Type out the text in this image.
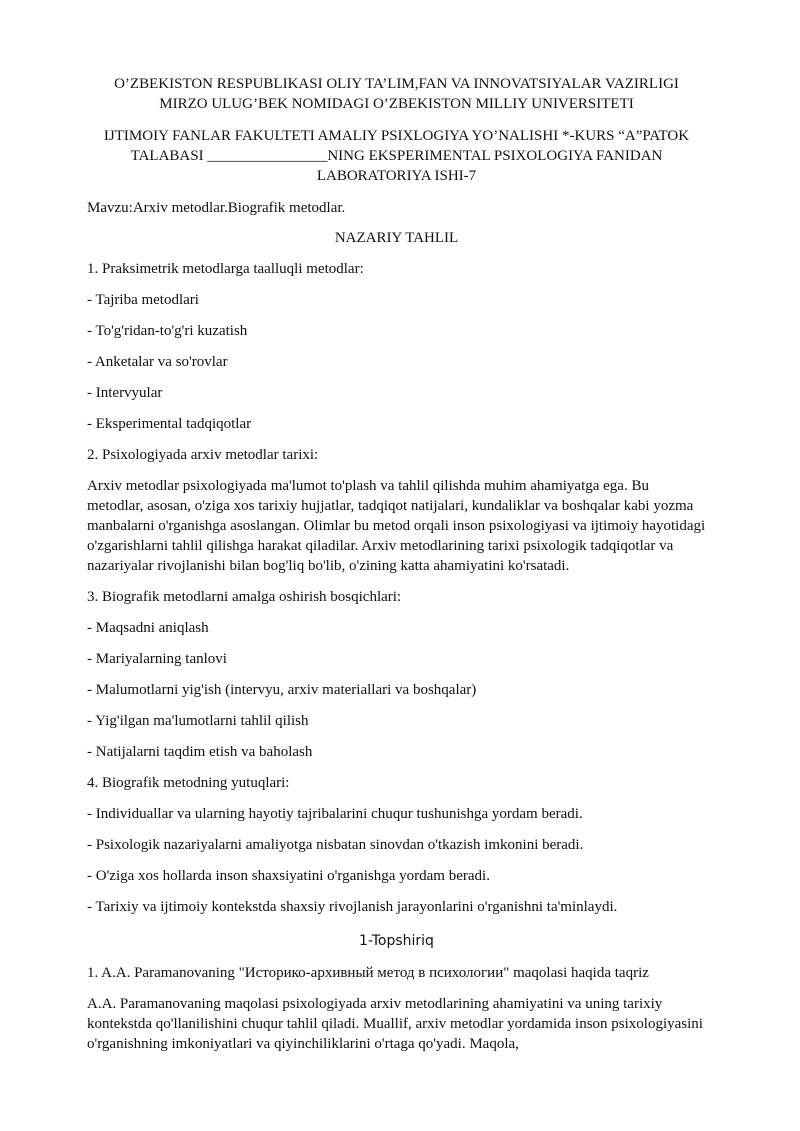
O’ZBEKISTON RESPUBLIKASI OLIY TA’LIM,FAN VA INNOVATSIYALAR VAZIRLIGI
MIRZO ULUG’BEK NOMIDAGI O’ZBEKISTON MILLIY UNIVERSITETI
IJTIMOIY FANLAR FAKULTETI AMALIY PSIXLOGIYA YO’NALISHI *-KURS “A”PATOK
TALABASI ________________NING EKSPERIMENTAL PSIXOLOGIYA FANIDAN
LABORATORIYA ISHI-7

Mavzu:Arxiv metodlar.Biografik metodlar.

NAZARIY TAHLIL

1. Praksimetrik metodlarga taalluqli metodlar:

- Tajriba metodlari

- To'g'ridan-to'g'ri kuzatish

- Anketalar va so'rovlar

- Intervyular

- Eksperimental tadqiqotlar

2. Psixologiyada arxiv metodlar tarixi:

Arxiv metodlar psixologiyada ma'lumot to'plash va tahlil qilishda muhim ahamiyatga ega. Bu metodlar, asosan, o'ziga xos tarixiy hujjatlar, tadqiqot natijalari, kundaliklar va boshqalar kabi yozma manbalarni o'rganishga asoslangan. Olimlar bu metod orqali inson psixologiyasi va ijtimoiy hayotidagi o'zgarishlarni tahlil qilishga harakat qiladilar. Arxiv metodlarining tarixi psixologik tadqiqotlar va nazariyalar rivojlanishi bilan bog'liq bo'lib, o'zining katta ahamiyatini ko'rsatadi.

3. Biografik metodlarni amalga oshirish bosqichlari:

- Maqsadni aniqlash

- Mariyalarning tanlovi

- Malumotlarni yig'ish (intervyu, arxiv materiallari va boshqalar)

- Yig'ilgan ma'lumotlarni tahlil qilish

- Natijalarni taqdim etish va baholash

4. Biografik metodning yutuqlari:

- Individuallar va ularning hayotiy tajribalarini chuqur tushunishga yordam beradi.

- Psixologik nazariyalarni amaliyotga nisbatan sinovdan o'tkazish imkonini beradi.

- O'ziga xos hollarda inson shaxsiyatini o'rganishga yordam beradi.

- Tarixiy va ijtimoiy kontekstda shaxsiy rivojlanish jarayonlarini o'rganishni ta'minlaydi.

1-Topshiriq

1. A.A. Paramanovaning "Историко-архивный метод в психологии" maqolasi haqida taqriz

A.A. Paramanovaning maqolasi psixologiyada arxiv metodlarining ahamiyatini va uning tarixiy kontekstda qo'llanilishini chuqur tahlil qiladi. Muallif, arxiv metodlar yordamida inson psixologiyasini o'rganishning imkoniyatlari va qiyinchiliklarini o'rtaga qo'yadi. Maqola,
